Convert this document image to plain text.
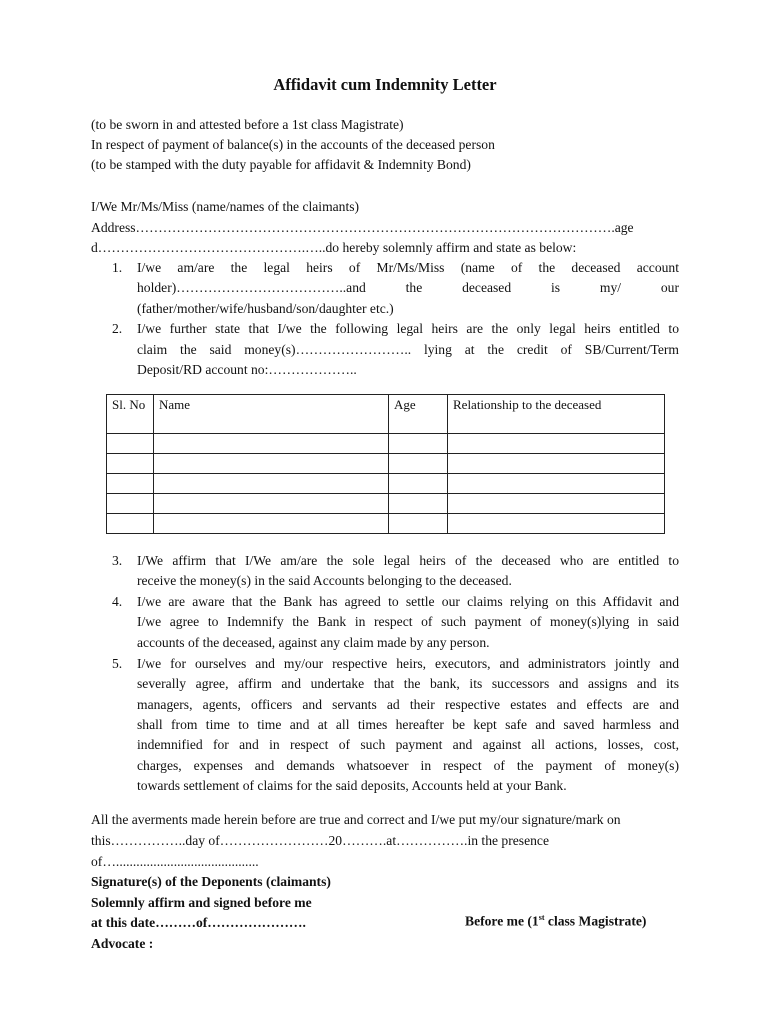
Affidavit cum Indemnity Letter
(to be sworn in and attested before a 1st class Magistrate)
In respect of payment of balance(s) in the accounts of the deceased person
(to be stamped with the duty payable for affidavit & Indemnity Bond)
I/We Mr/Ms/Miss (name/names of the claimants)
Address…………………………………………………………………………………………….age
d……………………………………….…..do hereby solemnly affirm and state as below:
1. I/we am/are the legal heirs of Mr/Ms/Miss (name of the deceased account
holder)………………………………..and the deceased is my/ our
(father/mother/wife/husband/son/daughter etc.)
2. I/we further state that I/we the following legal heirs are the only legal heirs entitled to
claim the said money(s)…………………….. lying at the credit of SB/Current/Term
Deposit/RD account no:………………..
Sl. No	Name	Age	Relationship to the deceased

3. I/We affirm that I/We am/are the sole legal heirs of the deceased who are entitled to
receive the money(s) in the said Accounts belonging to the deceased.
4. I/we are aware that the Bank has agreed to settle our claims relying on this Affidavit and
I/we agree to Indemnify the Bank in respect of such payment of money(s)lying in said
accounts of the deceased, against any claim made by any person.
5. I/we for ourselves and my/our respective heirs, executors, and administrators jointly and
severally agree, affirm and undertake that the bank, its successors and assigns and its
managers, agents, officers and servants ad their respective estates and effects are and
shall from time to time and at all times hereafter be kept safe and saved harmless and
indemnified for and in respect of such payment and against all actions, losses, cost,
charges, expenses and demands whatsoever in respect of the payment of money(s)
towards settlement of claims for the said deposits, Accounts held at your Bank.
All the averments made herein before are true and correct and I/we put my/our signature/mark on
this……………..day of……………………20……….at…………….in the presence
of…..........................................
Signature(s) of the Deponents (claimants)
Solemnly affirm and signed before me
at this date………of………………….	Before me (1st class Magistrate)
Advocate :
